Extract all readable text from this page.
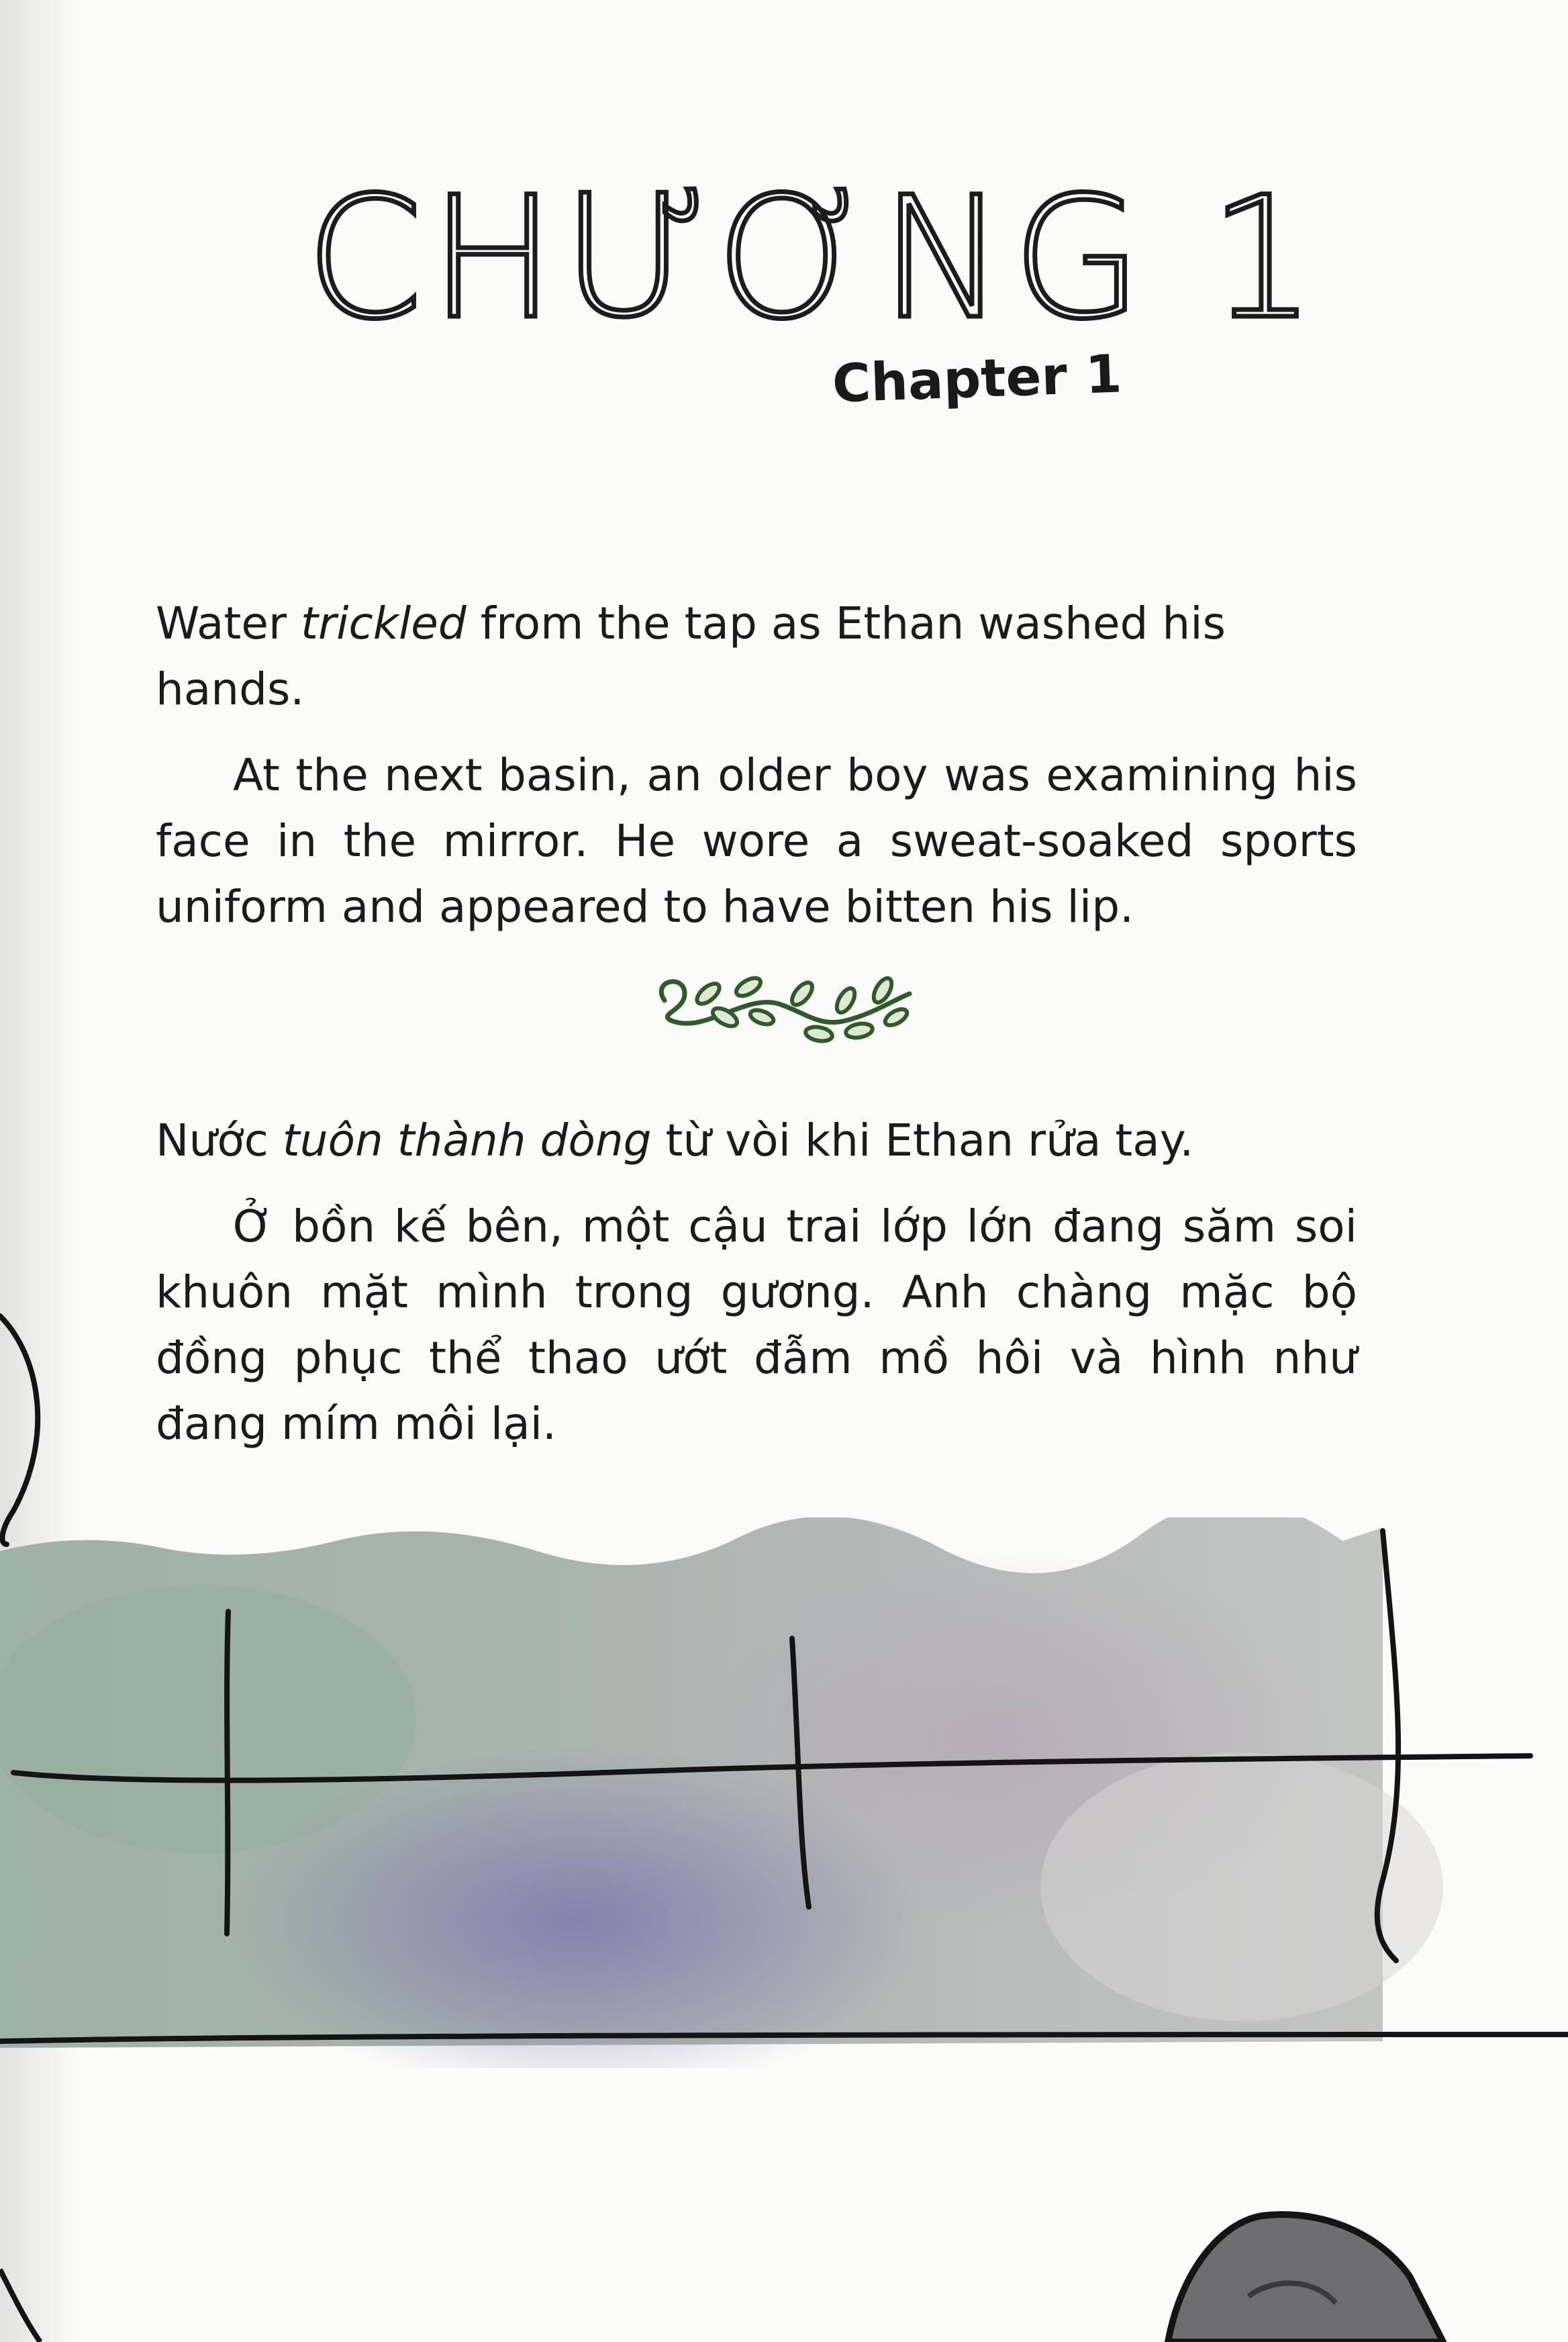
CHƯƠNG 1
Chapter 1

Water trickled from the tap as Ethan washed his hands.

At the next basin, an older boy was examining his face in the mirror. He wore a sweat-soaked sports uniform and appeared to have bitten his lip.

Nước tuôn thành dòng từ vòi khi Ethan rửa tay.

Ở bồn kế bên, một cậu trai lớp lớn đang săm soi khuôn mặt mình trong gương. Anh chàng mặc bộ đồng phục thể thao ướt đẫm mồ hôi và hình như đang mím môi lại.
